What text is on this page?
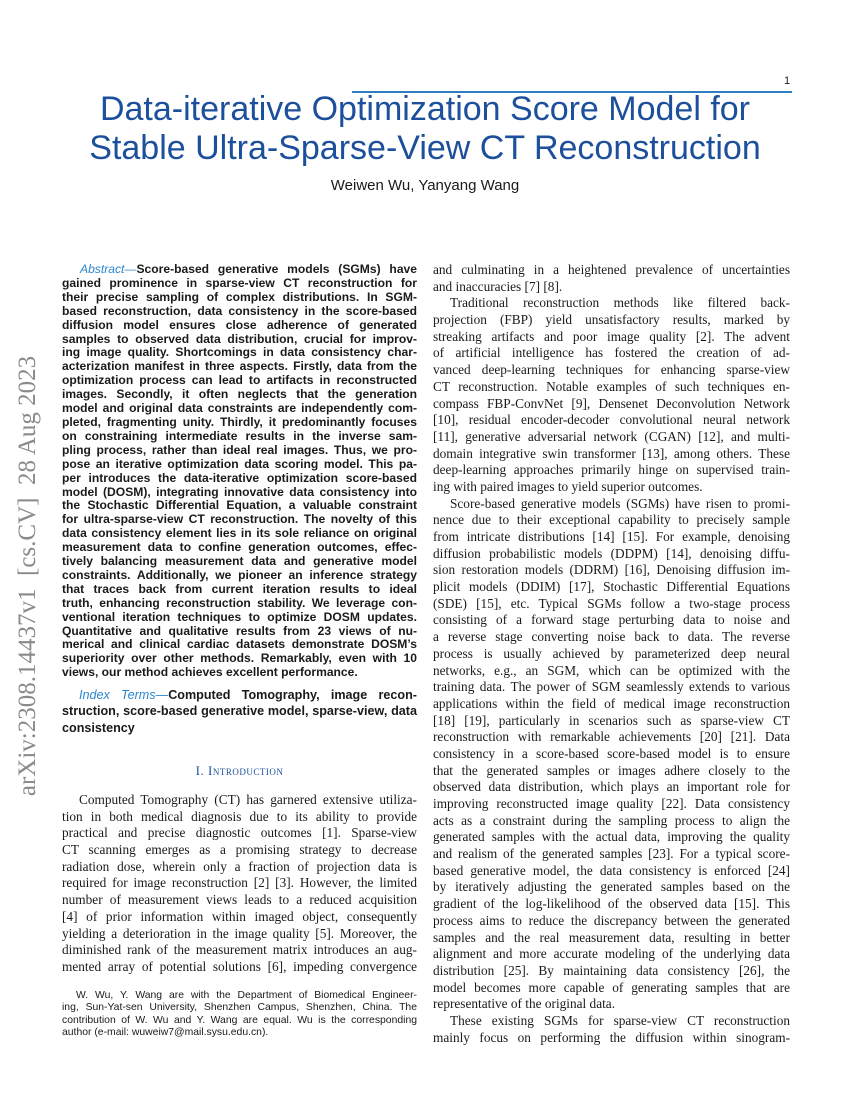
1
Data-iterative Optimization Score Model for
Stable Ultra-Sparse-View CT Reconstruction
Weiwen Wu, Yanyang Wang
arXiv:2308.14437v1  [cs.CV]  28 Aug 2023
Abstract—Score-based generative models (SGMs) have
gained prominence in sparse-view CT reconstruction for
their precise sampling of complex distributions. In SGM-
based reconstruction, data consistency in the score-based
diffusion model ensures close adherence of generated
samples to observed data distribution, crucial for improv-
ing image quality. Shortcomings in data consistency char-
acterization manifest in three aspects. Firstly, data from the
optimization process can lead to artifacts in reconstructed
images. Secondly, it often neglects that the generation
model and original data constraints are independently com-
pleted, fragmenting unity. Thirdly, it predominantly focuses
on constraining intermediate results in the inverse sam-
pling process, rather than ideal real images. Thus, we pro-
pose an iterative optimization data scoring model. This pa-
per introduces the data-iterative optimization score-based
model (DOSM), integrating innovative data consistency into
the Stochastic Differential Equation, a valuable constraint
for ultra-sparse-view CT reconstruction. The novelty of this
data consistency element lies in its sole reliance on original
measurement data to confine generation outcomes, effec-
tively balancing measurement data and generative model
constraints. Additionally, we pioneer an inference strategy
that traces back from current iteration results to ideal
truth, enhancing reconstruction stability. We leverage con-
ventional iteration techniques to optimize DOSM updates.
Quantitative and qualitative results from 23 views of nu-
merical and clinical cardiac datasets demonstrate DOSM’s
superiority over other methods. Remarkably, even with 10
views, our method achieves excellent performance.
Index Terms—Computed Tomography, image recon-
struction, score-based generative model, sparse-view, data
consistency
I. Introduction
Computed Tomography (CT) has garnered extensive utiliza-
tion in both medical diagnosis due to its ability to provide
practical and precise diagnostic outcomes [1]. Sparse-view
CT scanning emerges as a promising strategy to decrease
radiation dose, wherein only a fraction of projection data is
required for image reconstruction [2] [3]. However, the limited
number of measurement views leads to a reduced acquisition
[4] of prior information within imaged object, consequently
yielding a deterioration in the image quality [5]. Moreover, the
diminished rank of the measurement matrix introduces an aug-
mented array of potential solutions [6], impeding convergence
and culminating in a heightened prevalence of uncertainties
and inaccuracies [7] [8].
Traditional reconstruction methods like filtered back-
projection (FBP) yield unsatisfactory results, marked by
streaking artifacts and poor image quality [2]. The advent
of artificial intelligence has fostered the creation of ad-
vanced deep-learning techniques for enhancing sparse-view
CT reconstruction. Notable examples of such techniques en-
compass FBP-ConvNet [9], Densenet Deconvolution Network
[10], residual encoder-decoder convolutional neural network
[11], generative adversarial network (CGAN) [12], and multi-
domain integrative swin transformer [13], among others. These
deep-learning approaches primarily hinge on supervised train-
ing with paired images to yield superior outcomes.
Score-based generative models (SGMs) have risen to promi-
nence due to their exceptional capability to precisely sample
from intricate distributions [14] [15]. For example, denoising
diffusion probabilistic models (DDPM) [14], denoising diffu-
sion restoration models (DDRM) [16], Denoising diffusion im-
plicit models (DDIM) [17], Stochastic Differential Equations
(SDE) [15], etc. Typical SGMs follow a two-stage process
consisting of a forward stage perturbing data to noise and
a reverse stage converting noise back to data. The reverse
process is usually achieved by parameterized deep neural
networks, e.g., an SGM, which can be optimized with the
training data. The power of SGM seamlessly extends to various
applications within the field of medical image reconstruction
[18] [19], particularly in scenarios such as sparse-view CT
reconstruction with remarkable achievements [20] [21]. Data
consistency in a score-based score-based model is to ensure
that the generated samples or images adhere closely to the
observed data distribution, which plays an important role for
improving reconstructed image quality [22]. Data consistency
acts as a constraint during the sampling process to align the
generated samples with the actual data, improving the quality
and realism of the generated samples [23]. For a typical score-
based generative model, the data consistency is enforced [24]
by iteratively adjusting the generated samples based on the
gradient of the log-likelihood of the observed data [15]. This
process aims to reduce the discrepancy between the generated
samples and the real measurement data, resulting in better
alignment and more accurate modeling of the underlying data
distribution [25]. By maintaining data consistency [26], the
model becomes more capable of generating samples that are
representative of the original data.
These existing SGMs for sparse-view CT reconstruction
mainly focus on performing the diffusion within sinogram-
W. Wu, Y. Wang are with the Department of Biomedical Engineer-
ing, Sun-Yat-sen University, Shenzhen Campus, Shenzhen, China. The
contribution of W. Wu and Y. Wang are equal. Wu is the corresponding
author (e-mail: wuweiw7@mail.sysu.edu.cn).
